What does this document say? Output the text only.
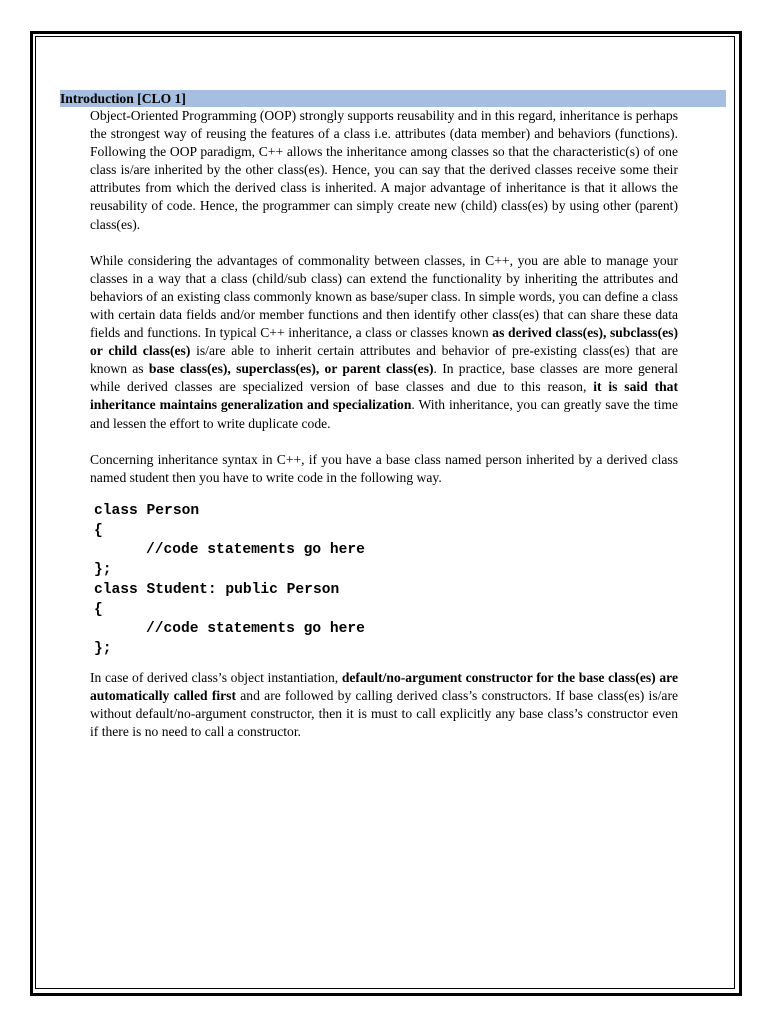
Introduction [CLO 1]

Object-Oriented Programming (OOP) strongly supports reusability and in this regard, inheritance is perhaps the strongest way of reusing the features of a class i.e. attributes (data member) and behaviors (functions). Following the OOP paradigm, C++ allows the inheritance among classes so that the characteristic(s) of one class is/are inherited by the other class(es). Hence, you can say that the derived classes receive some their attributes from which the derived class is inherited. A major advantage of inheritance is that it allows the reusability of code. Hence, the programmer can simply create new (child) class(es) by using other (parent) class(es).

While considering the advantages of commonality between classes, in C++, you are able to manage your classes in a way that a class (child/sub class) can extend the functionality by inheriting the attributes and behaviors of an existing class commonly known as base/super class. In simple words, you can define a class with certain data fields and/or member functions and then identify other class(es) that can share these data fields and functions. In typical C++ inheritance, a class or classes known as derived class(es), subclass(es) or child class(es) is/are able to inherit certain attributes and behavior of pre-existing class(es) that are known as base class(es), superclass(es), or parent class(es). In practice, base classes are more general while derived classes are specialized version of base classes and due to this reason, it is said that inheritance maintains generalization and specialization. With inheritance, you can greatly save the time and lessen the effort to write duplicate code.

Concerning inheritance syntax in C++, if you have a base class named person inherited by a derived class named student then you have to write code in the following way.

class Person
{
//code statements go here
};
class Student: public Person
{
//code statements go here
};

In case of derived class’s object instantiation, default/no-argument constructor for the base class(es) are automatically called first and are followed by calling derived class’s constructors. If base class(es) is/are without default/no-argument constructor, then it is must to call explicitly any base class’s constructor even if there is no need to call a constructor.
